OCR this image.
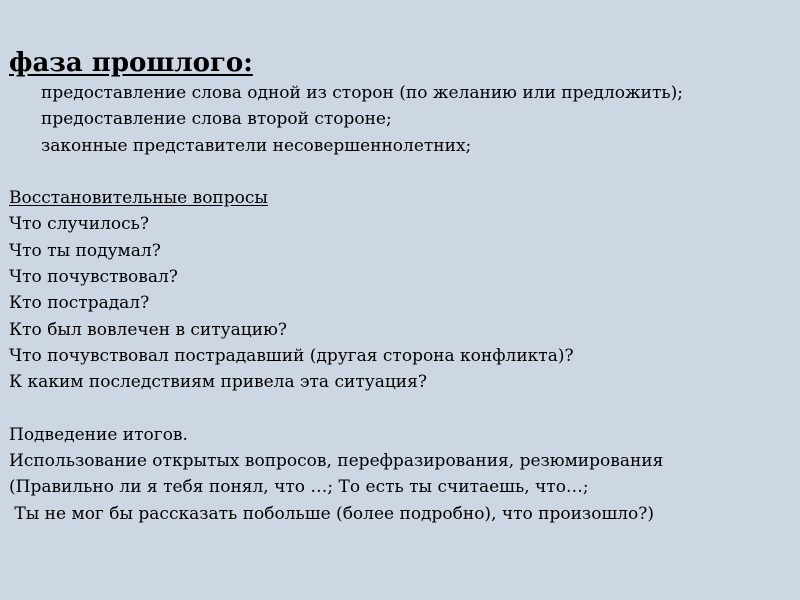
фаза прошлого:
предоставление слова одной из сторон (по желанию или предложить);
предоставление слова второй стороне;
законные представители несовершеннолетних;

Восстановительные вопросы

Что случилось?
Что ты подумал?
Что почувствовал?
Кто пострадал?
Кто был вовлечен в ситуацию?
Что почувствовал пострадавший (другая сторона конфликта)?
К каким последствиям привела эта ситуация?

Подведение итогов.

Использование открытых вопросов, перефразирования, резюмирования

(Правильно ли я тебя понял, что …; То есть ты считаешь, что…;

Ты не мог бы рассказать побольше (более подробно), что произошло?)
